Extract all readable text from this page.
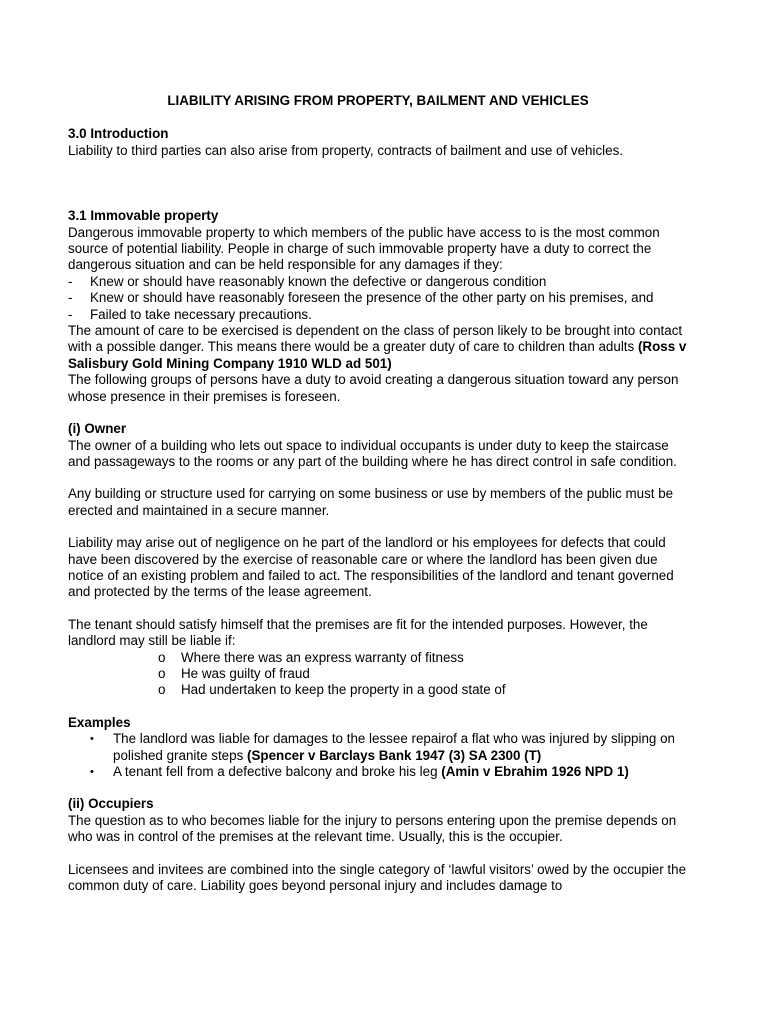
LIABILITY ARISING FROM PROPERTY, BAILMENT AND VEHICLES

3.0 Introduction

Liability to third parties can also arise from property, contracts of bailment and use of vehicles.

3.1 Immovable property

Dangerous immovable property to which members of the public have access to is the most common source of potential liability. People in charge of such immovable property have a duty to correct the dangerous situation and can be held responsible for any damages if they:

-	Knew or should have reasonably known the defective or dangerous condition
-	Knew or should have reasonably foreseen the presence of the other party on his premises, and
-	Failed to take necessary precautions.

The amount of care to be exercised is dependent on the class of person likely to be brought into contact with a possible danger. This means there would be a greater duty of care to children than adults (Ross v Salisbury Gold Mining Company 1910 WLD ad 501)

The following groups of persons have a duty to avoid creating a dangerous situation toward any person whose presence in their premises is foreseen.

(i) Owner

The owner of a building who lets out space to individual occupants is under duty to keep the staircase and passageways to the rooms or any part of the building where he has direct control in safe condition.

Any building or structure used for carrying on some business or use by members of the public must be erected and maintained in a secure manner.

Liability may arise out of negligence on he part of the landlord or his employees for defects that could have been discovered by the exercise of reasonable care or where the landlord has been given due notice of an existing problem and failed to act. The responsibilities of the landlord and tenant governed and protected by the terms of the lease agreement.

The tenant should satisfy himself that the premises are fit for the intended purposes. However, the landlord may still be liable if:

o	Where there was an express warranty of fitness
o	He was guilty of fraud
o	Had undertaken to keep the property in a good state of

Examples

•	The landlord was liable for damages to the lessee repairof a flat who was injured by slipping on polished granite steps (Spencer v Barclays Bank 1947 (3) SA 2300 (T)
•	A tenant fell from a defective balcony and broke his leg (Amin v Ebrahim 1926 NPD 1)

(ii) Occupiers

The question as to who becomes liable for the injury to persons entering upon the premise depends on who was in control of the premises at the relevant time. Usually, this is the occupier.

Licensees and invitees are combined into the single category of ‘lawful visitors’ owed by the occupier the common duty of care. Liability goes beyond personal injury and includes damage to
